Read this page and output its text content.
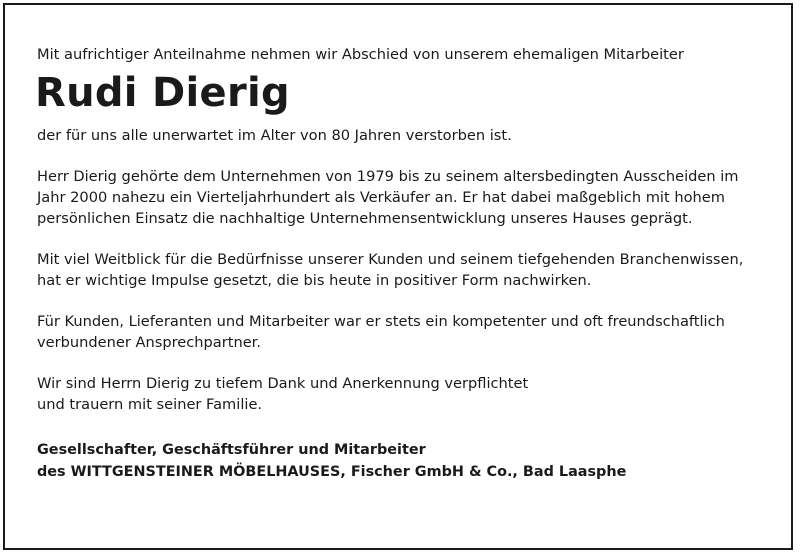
Mit aufrichtiger Anteilnahme nehmen wir Abschied von unserem ehemaligen Mitarbeiter

Rudi Dierig

der für uns alle unerwartet im Alter von 80 Jahren verstorben ist.

Herr Dierig gehörte dem Unternehmen von 1979 bis zu seinem altersbedingten Ausscheiden im

Jahr 2000 nahezu ein Vierteljahrhundert als Verkäufer an. Er hat dabei maßgeblich mit hohem

persönlichen Einsatz die nachhaltige Unternehmensentwicklung unseres Hauses geprägt.

Mit viel Weitblick für die Bedürfnisse unserer Kunden und seinem tiefgehenden Branchenwissen,

hat er wichtige Impulse gesetzt, die bis heute in positiver Form nachwirken.

Für Kunden, Lieferanten und Mitarbeiter war er stets ein kompetenter und oft freundschaftlich

verbundener Ansprechpartner.

Wir sind Herrn Dierig zu tiefem Dank und Anerkennung verpflichtet

und trauern mit seiner Familie.

Gesellschafter, Geschäftsführer und Mitarbeiter

des WITTGENSTEINER MÖBELHAUSES, Fischer GmbH & Co., Bad Laasphe
